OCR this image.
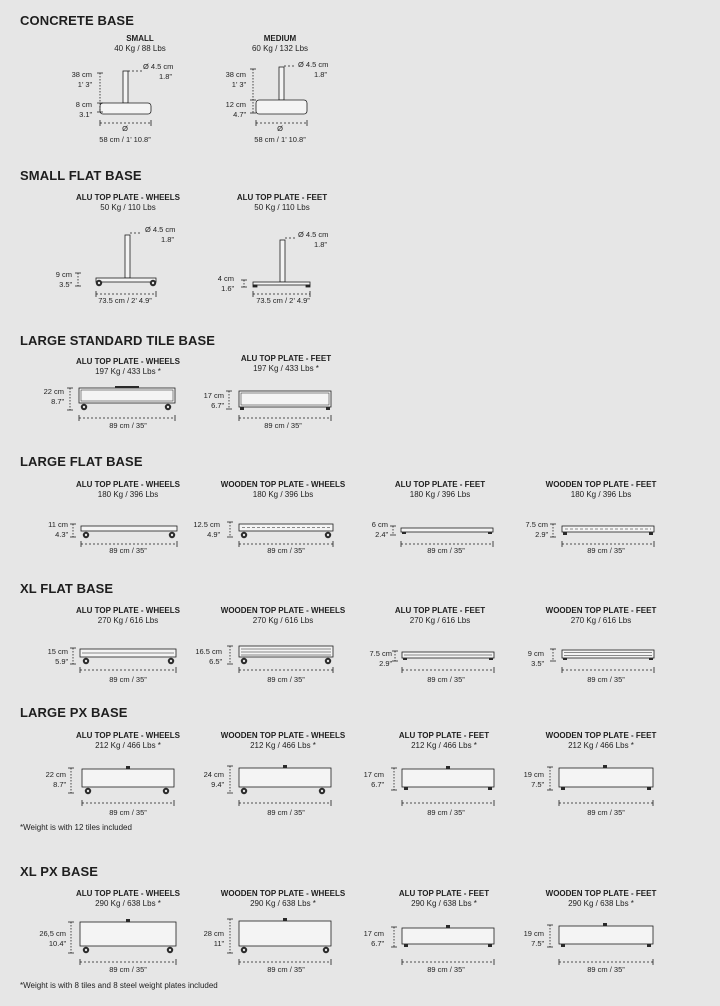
CONCRETE BASE
SMALL
40 Kg / 88 Lbs
MEDIUM
60 Kg / 132 Lbs
38 cm
1’ 3”
8 cm
3.1”
Ø 4.5 cm
1.8”
Ø
58 cm / 1’ 10.8”
38 cm
1’ 3”
12 cm
4.7”
Ø 4.5 cm
1.8”
Ø
58 cm / 1’ 10.8”
SMALL FLAT BASE
ALU TOP PLATE - WHEELS
50 Kg / 110 Lbs
ALU TOP PLATE - FEET
50 Kg / 110 Lbs
Ø 4.5 cm
1.8”
9 cm
3.5”
73.5 cm / 2’ 4.9”
Ø 4.5 cm
1.8”
4 cm
1.6”
73.5 cm / 2’ 4.9”
LARGE STANDARD TILE BASE
ALU TOP PLATE - WHEELS
197 Kg / 433 Lbs *
ALU TOP PLATE - FEET
197 Kg / 433 Lbs *
22 cm
8.7”
89 cm / 35”
17 cm
6.7”
89 cm / 35”
LARGE FLAT BASE
ALU TOP PLATE - WHEELS
180 Kg / 396 Lbs
WOODEN TOP PLATE - WHEELS
180 Kg / 396 Lbs
ALU TOP PLATE - FEET
180 Kg / 396 Lbs
WOODEN TOP PLATE - FEET
180 Kg / 396 Lbs
11 cm
4.3”
12.5 cm
4.9”
6 cm
2.4”
7.5 cm
2.9”
89 cm / 35”	89 cm / 35”	89 cm / 35”	89 cm / 35”
XL FLAT BASE
ALU TOP PLATE - WHEELS
270 Kg / 616 Lbs
WOODEN TOP PLATE - WHEELS
270 Kg / 616 Lbs
ALU TOP PLATE - FEET
270 Kg / 616 Lbs
WOODEN TOP PLATE - FEET
270 Kg / 616 Lbs
15 cm
5.9”
16.5 cm
6.5”
7.5 cm
2.9”
9 cm
3.5”
89 cm / 35”	89 cm / 35”	89 cm / 35”	89 cm / 35”
LARGE PX BASE
ALU TOP PLATE - WHEELS
212 Kg / 466 Lbs *
WOODEN TOP PLATE - WHEELS
212 Kg / 466 Lbs *
ALU TOP PLATE - FEET
212 Kg / 466 Lbs *
WOODEN TOP PLATE - FEET
212 Kg / 466 Lbs *
22 cm
8.7”
24 cm
9.4”
17 cm
6.7”
19 cm
7.5”
89 cm / 35”	89 cm / 35”	89 cm / 35”	89 cm / 35”
*Weight is with 12 tiles included
XL PX BASE
ALU TOP PLATE - WHEELS
290 Kg / 638 Lbs *
WOODEN TOP PLATE - WHEELS
290 Kg / 638 Lbs *
ALU TOP PLATE - FEET
290 Kg / 638 Lbs *
WOODEN TOP PLATE - FEET
290 Kg / 638 Lbs *
26,5 cm
10.4”
28 cm
11”
17 cm
6.7”
19 cm
7.5”
89 cm / 35”	89 cm / 35”	89 cm / 35”	89 cm / 35”
*Weight is with 8 tiles and 8 steel weight plates included
